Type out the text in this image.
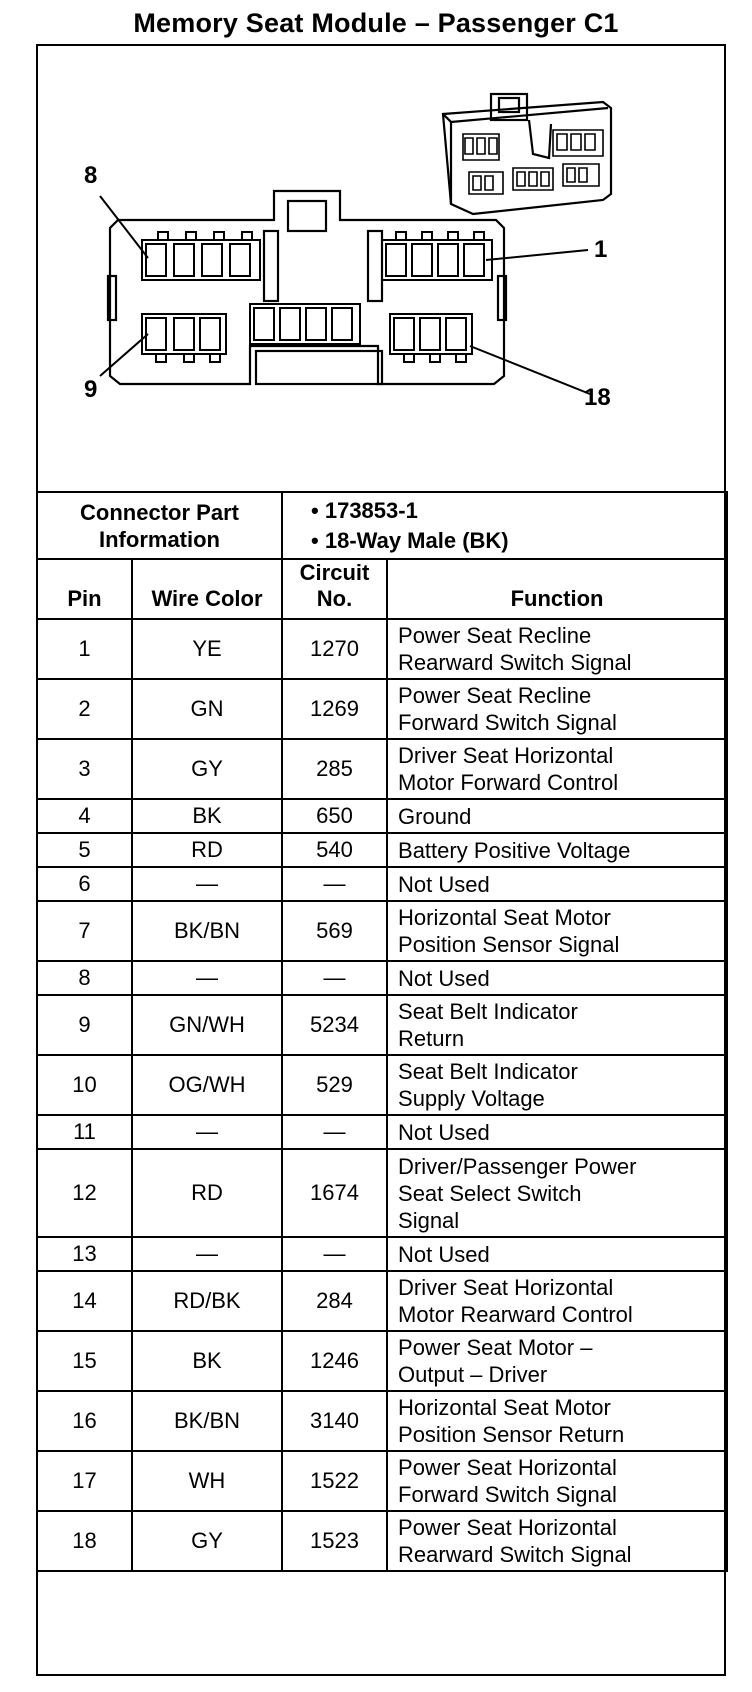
Memory Seat Module – Passenger C1
8
1
9	18
Connector Part Information		• 173853-1
• 18-Way Male (BK)

Pin	Wire Color	Circuit No.	Function
1	YE	1270	Power Seat Recline
Rearward Switch Signal

2	GN	1269	Power Seat Recline
Forward Switch Signal

3	GY	285	Driver Seat Horizontal
Motor Forward Control

4	BK	650	Ground

5	RD	540	Battery Positive Voltage

6	—	—	Not Used

7	BK/BN	569	Horizontal Seat Motor
Position Sensor Signal

8	—	—	Not Used

9	GN/WH	5234	Seat Belt Indicator
Return

10	OG/WH	529	Seat Belt Indicator
Supply Voltage

11	—	—	Not Used

12	RD	1674	Driver/Passenger Power
Seat Select Switch
Signal

13	—	—	Not Used

14	RD/BK	284	Driver Seat Horizontal
Motor Rearward Control

15	BK	1246	Power Seat Motor –
Output – Driver

16	BK/BN	3140	Horizontal Seat Motor
Position Sensor Return

17	WH	1522	Power Seat Horizontal
Forward Switch Signal

18	GY	1523	Power Seat Horizontal
Rearward Switch Signal
